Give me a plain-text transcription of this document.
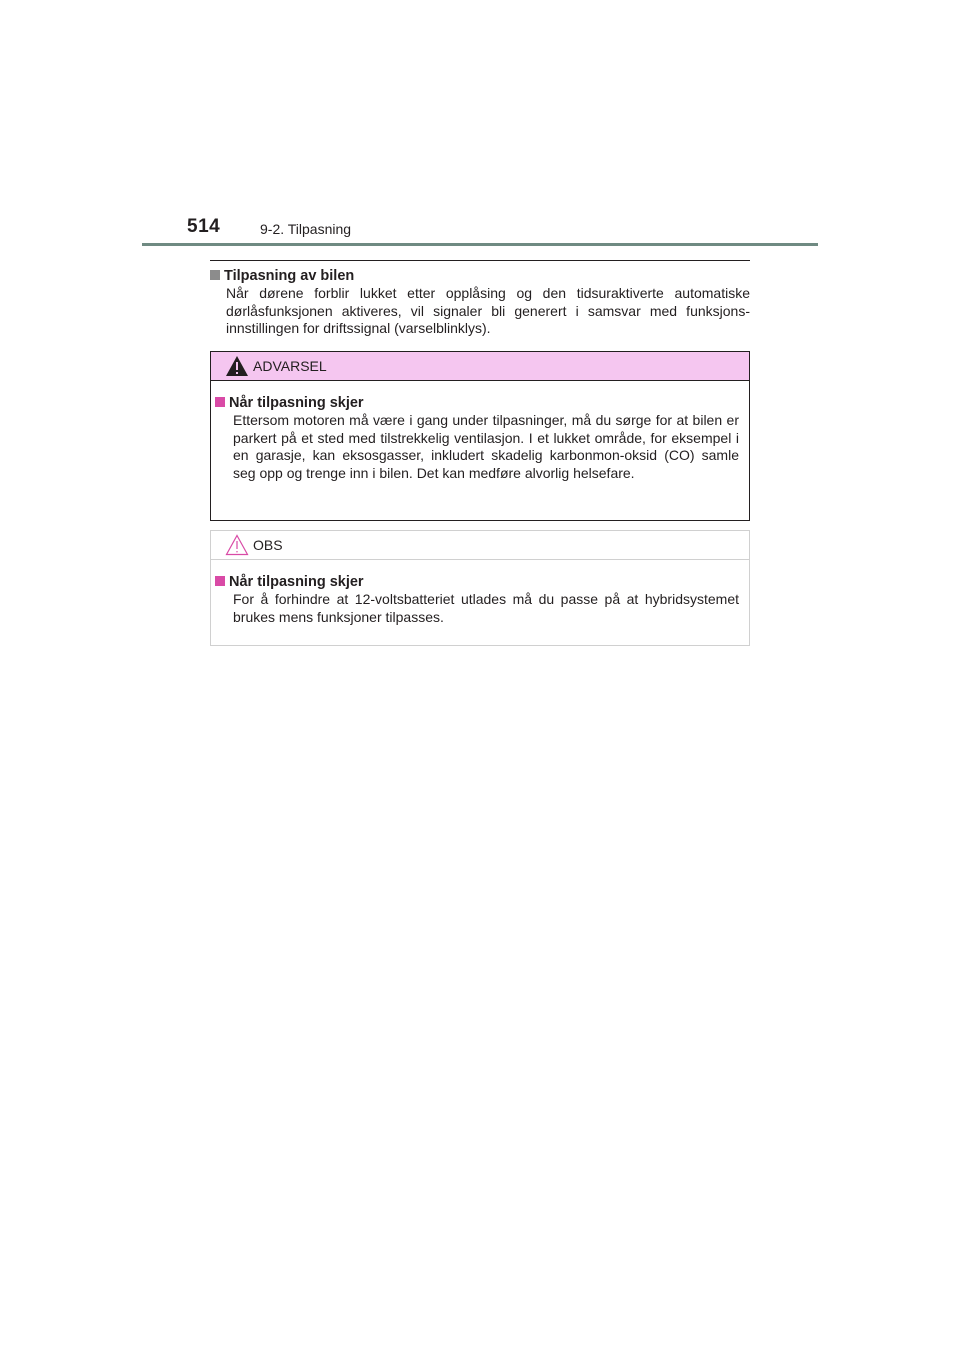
514	9-2. Tilpasning
Tilpasning av bilen
Når dørene forblir lukket etter opplåsing og den tidsuraktiverte automatiske dørlåsfunksjonen aktiveres, vil signaler bli generert i samsvar med funksjons-innstillingen for driftssignal (varselblinklys).
ADVARSEL
Når tilpasning skjer
Ettersom motoren må være i gang under tilpasninger, må du sørge for at bilen er parkert på et sted med tilstrekkelig ventilasjon. I et lukket område, for eksempel i en garasje, kan eksosgasser, inkludert skadelig karbonmon-oksid (CO) samle seg opp og trenge inn i bilen. Det kan medføre alvorlig helsefare.
OBS
Når tilpasning skjer
For å forhindre at 12-voltsbatteriet utlades må du passe på at hybridsystemet brukes mens funksjoner tilpasses.
